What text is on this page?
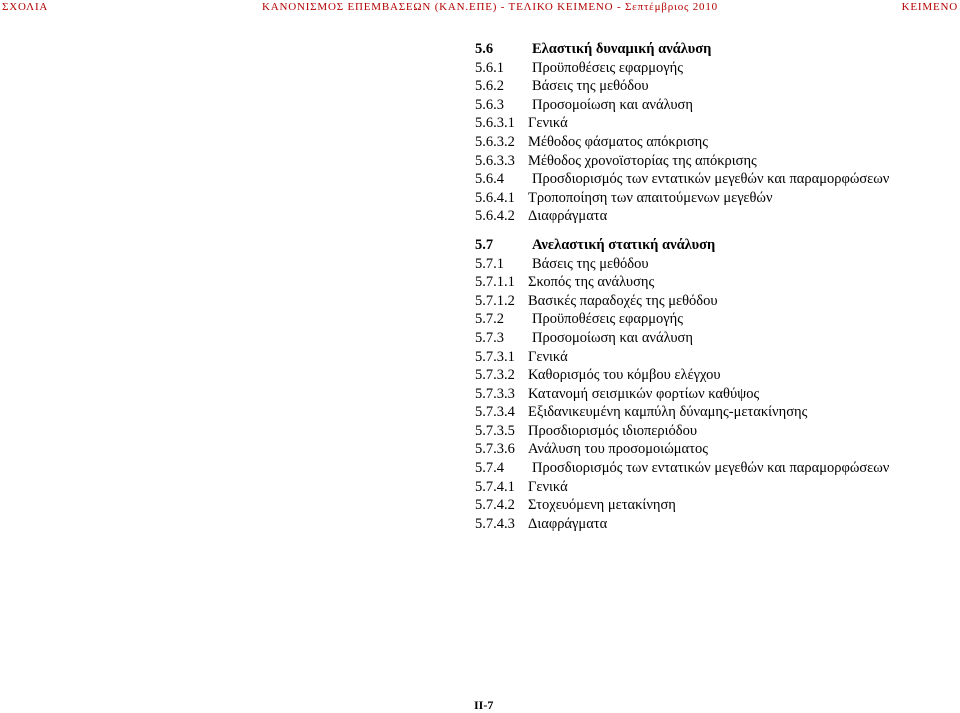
ΣΧΟΛΙΑ	ΚΑΝΟΝΙΣΜΟΣ ΕΠΕΜΒΑΣΕΩΝ (ΚΑΝ.ΕΠΕ) - ΤΕΛΙΚΟ ΚΕΙΜΕΝΟ - Σεπτέμβριος 2010	ΚΕΙΜΕΝΟ
5.6	Ελαστική δυναμική ανάλυση
5.6.1 Προϋποθέσεις εφαρμογής
5.6.2 Βάσεις της μεθόδου
5.6.3 Προσομοίωση και ανάλυση
5.6.3.1 Γενικά
5.6.3.2 Μέθοδος φάσματος απόκρισης
5.6.3.3 Μέθοδος χρονοϊστορίας της απόκρισης
5.6.4 Προσδιορισμός των εντατικών μεγεθών και παραμορφώσεων
5.6.4.1 Τροποποίηση των απαιτούμενων μεγεθών
5.6.4.2 Διαφράγματα
5.7	Ανελαστική στατική ανάλυση
5.7.1 Βάσεις της μεθόδου
5.7.1.1 Σκοπός της ανάλυσης
5.7.1.2 Βασικές παραδοχές της μεθόδου
5.7.2 Προϋποθέσεις εφαρμογής
5.7.3 Προσομοίωση και ανάλυση
5.7.3.1 Γενικά
5.7.3.2 Καθορισμός του κόμβου ελέγχου
5.7.3.3 Κατανομή σεισμικών φορτίων καθύψος
5.7.3.4 Εξιδανικευμένη καμπύλη δύναμης-μετακίνησης
5.7.3.5 Προσδιορισμός ιδιοπεριόδου
5.7.3.6 Ανάλυση του προσομοιώματος
5.7.4 Προσδιορισμός των εντατικών μεγεθών και παραμορφώσεων
5.7.4.1 Γενικά
5.7.4.2 Στοχευόμενη μετακίνηση
5.7.4.3 Διαφράγματα
II-7
